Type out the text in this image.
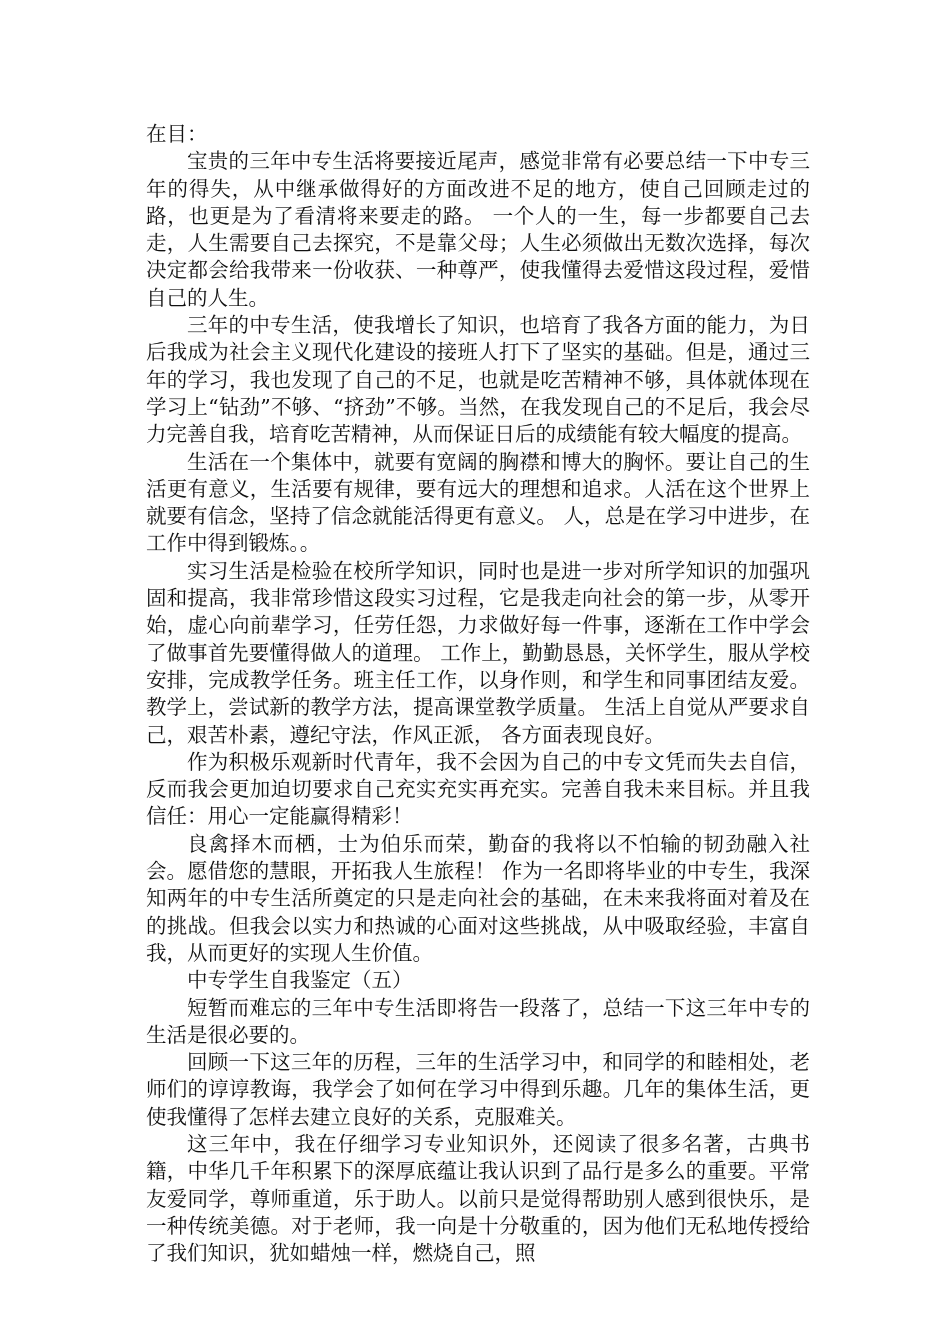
在目：

宝贵的三年中专生活将要接近尾声，感觉非常有必要总结一下中专三年的得失，从中继承做得好的方面改进不足的地方，使自己回顾走过的路，也更是为了看清将来要走的路。 一个人的一生，每一步都要自己去走，人生需要自己去探究，不是靠父母；人生必须做出无数次选择，每次决定都会给我带来一份收获、一种尊严，使我懂得去爱惜这段过程，爱惜自己的人生。

三年的中专生活，使我增长了知识，也培育了我各方面的能力，为日后我成为社会主义现代化建设的接班人打下了坚实的基础。但是，通过三年的学习，我也发现了自己的不足，也就是吃苦精神不够，具体就体现在学习上“钻劲”不够、“挤劲”不够。当然，在我发现自己的不足后，我会尽力完善自我，培育吃苦精神，从而保证日后的成绩能有较大幅度的提高。

生活在一个集体中，就要有宽阔的胸襟和博大的胸怀。要让自己的生活更有意义，生活要有规律，要有远大的理想和追求。人活在这个世界上就要有信念，坚持了信念就能活得更有意义。 人，总是在学习中进步，在工作中得到锻炼。。

实习生活是检验在校所学知识，同时也是进一步对所学知识的加强巩固和提高，我非常珍惜这段实习过程，它是我走向社会的第一步，从零开始，虚心向前辈学习，任劳任怨，力求做好每一件事，逐渐在工作中学会了做事首先要懂得做人的道理。 工作上，勤勤恳恳，关怀学生，服从学校安排，完成教学任务。班主任工作，以身作则，和学生和同事团结友爱。教学上，尝试新的教学方法，提高课堂教学质量。 生活上自觉从严要求自己，艰苦朴素，遵纪守法，作风正派， 各方面表现良好。

作为积极乐观新时代青年，我不会因为自己的中专文凭而失去自信，反而我会更加迫切要求自己充实充实再充实。完善自我未来目标。并且我信任：用心一定能赢得精彩！

良禽择木而栖，士为伯乐而荣，勤奋的我将以不怕输的韧劲融入社会。愿借您的慧眼，开拓我人生旅程！ 作为一名即将毕业的中专生，我深知两年的中专生活所奠定的只是走向社会的基础，在未来我将面对着及在的挑战。但我会以实力和热诚的心面对这些挑战，从中吸取经验，丰富自我，从而更好的实现人生价值。

中专学生自我鉴定（五）

短暂而难忘的三年中专生活即将告一段落了，总结一下这三年中专的生活是很必要的。

回顾一下这三年的历程，三年的生活学习中，和同学的和睦相处，老师们的谆谆教诲，我学会了如何在学习中得到乐趣。几年的集体生活，更使我懂得了怎样去建立良好的关系，克服难关。

这三年中，我在仔细学习专业知识外，还阅读了很多名著，古典书籍，中华几千年积累下的深厚底蕴让我认识到了品行是多么的重要。平常友爱同学，尊师重道，乐于助人。以前只是觉得帮助别人感到很快乐，是一种传统美德。对于老师，我一向是十分敬重的，因为他们无私地传授给了我们知识，犹如蜡烛一样，燃烧自己，照
